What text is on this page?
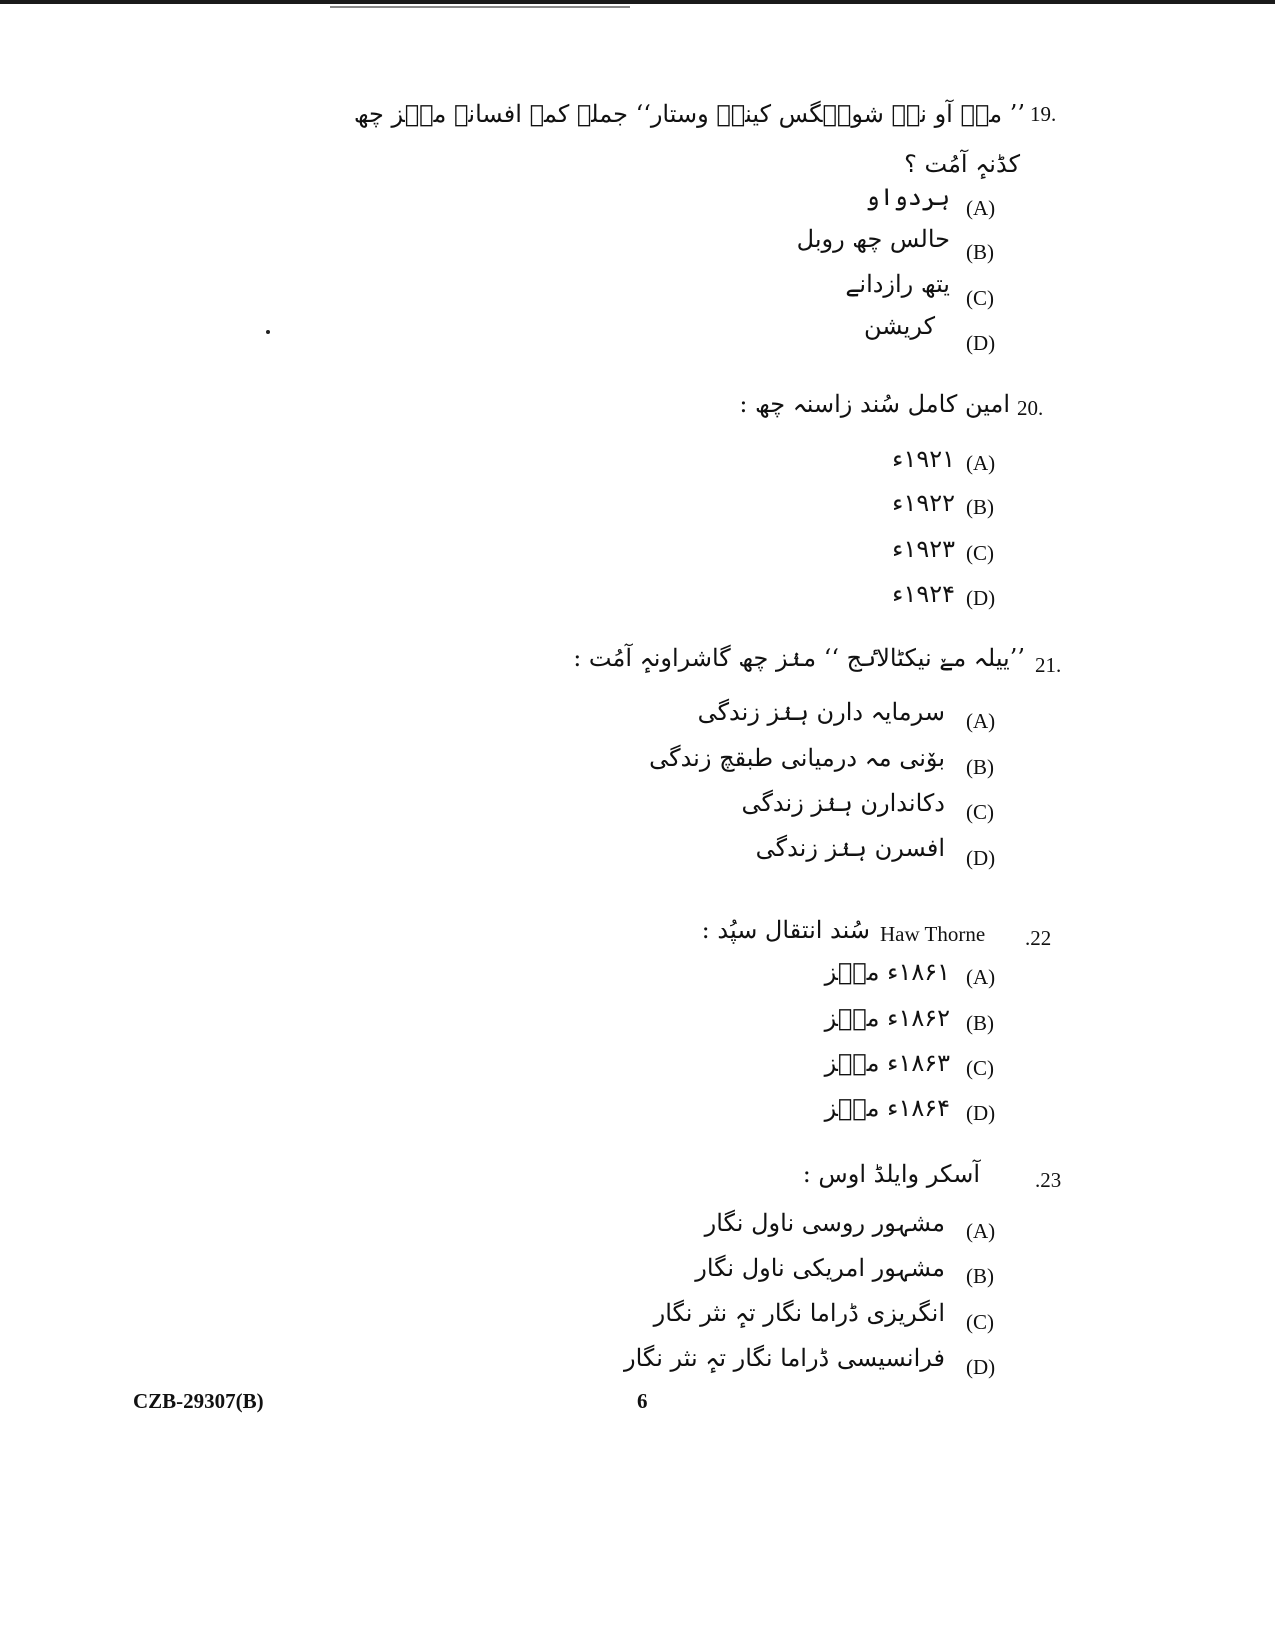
19.
’’ مےٚ آو نہٕ شونٛگس کینہہ وستار‘‘ جملہ کمہ افسانہ منٛز چھ
کڈنہٕ آمُت ؟
(A)
ہردواو
(B)
حالس چھ روبل
(C)
یتھ رازدانے
(D)
کریشن
20.
امین کامل سُند زاسنہ چھ :
(A)
۱۹۲۱ء
(B)
۱۹۲۲ء
(C)
۱۹۲۳ء
(D)
۱۹۲۴ء
21.
’’ییلہ مےٚ نیکٹالاٸج ‘‘ منٛز چھ گاشراونہٕ آمُت :
(A)
سرمایہ دارن ہنٛز زندگی
(B)
بوٚنی مہ درمیانی طبقچ زندگی
(C)
دکاندارن ہنٛز زندگی
(D)
افسرن ہنٛز زندگی
.22
Haw Thorne
سُند انتقال سپُد :
(A)
۱۸۶۱ء منٛز
(B)
۱۸۶۲ء منٛز
(C)
۱۸۶۳ء منٛز
(D)
۱۸۶۴ء منٛز
.23
آسکر وایلڈ اوس :
(A)
مشہور روسی ناول نگار
(B)
مشہور امریکی ناول نگار
(C)
انگریزی ڈراما نگار تہٕ نثر نگار
(D)
فرانسیسی ڈراما نگار تہٕ نثر نگار
CZB-29307(B)	6
